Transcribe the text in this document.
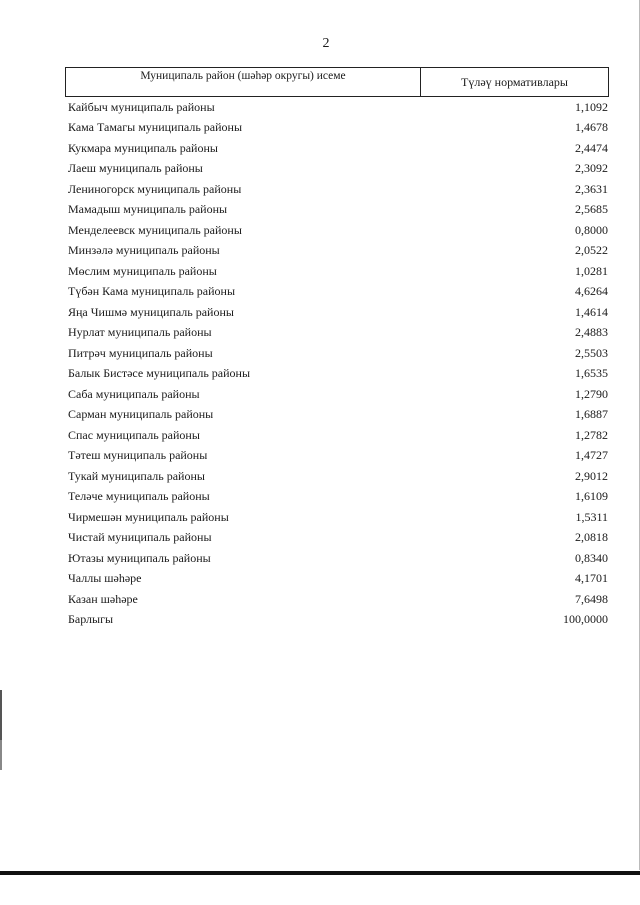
2
Муниципаль район (шәһәр округы) исеме	Түләү нормативлары
Кайбыч муниципаль районы	1,1092
Кама Тамагы муниципаль районы	1,4678
Кукмара муниципаль районы	2,4474
Лаеш муниципаль районы	2,3092
Лениногорск муниципаль районы	2,3631
Мамадыш муниципаль районы	2,5685
Менделеевск муниципаль районы	0,8000
Минзәлә муниципаль районы	2,0522
Мөслим муниципаль районы	1,0281
Түбән Кама муниципаль районы	4,6264
Яңа Чишмә муниципаль районы	1,4614
Нурлат муниципаль районы	2,4883
Питрәч муниципаль районы	2,5503
Балык Бистәсе муниципаль районы	1,6535
Саба муниципаль районы	1,2790
Сарман муниципаль районы	1,6887
Спас муниципаль районы	1,2782
Тәтеш муниципаль районы	1,4727
Тукай муниципаль районы	2,9012
Теләче муниципаль районы	1,6109
Чирмешән муниципаль районы	1,5311
Чистай муниципаль районы	2,0818
Ютазы муниципаль районы	0,8340
Чаллы шәһәре	4,1701
Казан шәһәре	7,6498
Барлыгы	100,0000
